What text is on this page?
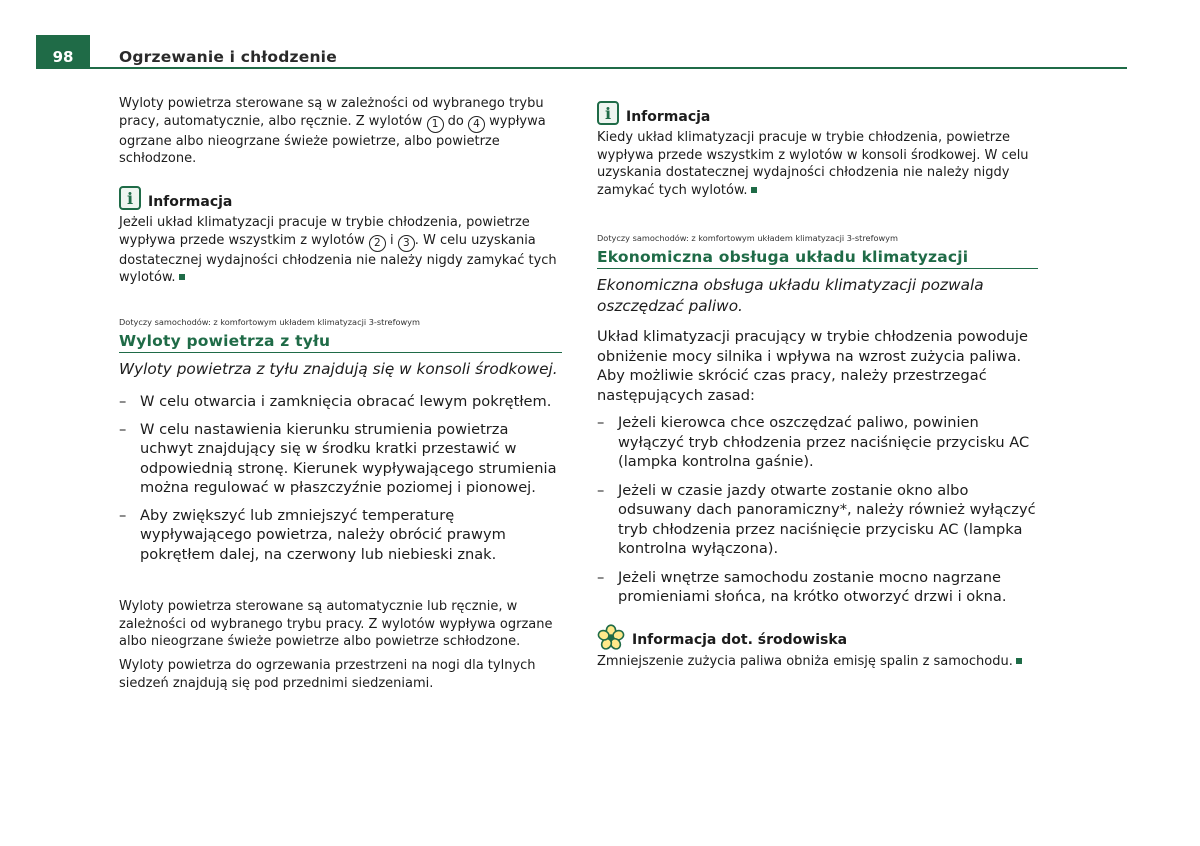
98	Ogrzewanie i chłodzenie

Wyloty powietrza sterowane są w zależności od wybranego trybu pracy, automatycznie, albo ręcznie. Z wylotów 1 do 4 wypływa ogrzane albo nieogrzane świeże powietrze, albo powietrze schłodzone.

i	Informacja

Jeżeli układ klimatyzacji pracuje w trybie chłodzenia, powietrze wypływa przede wszystkim z wylotów 2 i 3 . W celu uzyskania dostatecznej wydajności chłodzenia nie należy nigdy zamykać tych wylotów.

Dotyczy samochodów: z komfortowym układem klimatyzacji 3-strefowym

Wyloty powietrza z tyłu

Wyloty powietrza z tyłu znajdują się w konsoli środkowej.

– W celu otwarcia i zamknięcia obracać lewym pokrętłem.
– W celu nastawienia kierunku strumienia powietrza uchwyt znajdujący się w środku kratki przestawić w odpowiednią stronę. Kierunek wypływającego strumienia można regulować w płaszczyźnie poziomej i pionowej.
– Aby zwiększyć lub zmniejszyć temperaturę wypływającego powietrza, należy obrócić prawym pokrętłem dalej, na czerwony lub niebieski znak.

Wyloty powietrza sterowane są automatycznie lub ręcznie, w zależności od wybranego trybu pracy. Z wylotów wypływa ogrzane albo nieogrzane świeże powietrze albo powietrze schłodzone.

Wyloty powietrza do ogrzewania przestrzeni na nogi dla tylnych siedzeń znajdują się pod przednimi siedzeniami.

i	Informacja

Kiedy układ klimatyzacji pracuje w trybie chłodzenia, powietrze wypływa przede wszystkim z wylotów w konsoli środkowej. W celu uzyskania dostatecznej wydajności chłodzenia nie należy nigdy zamykać tych wylotów.

Dotyczy samochodów: z komfortowym układem klimatyzacji 3-strefowym

Ekonomiczna obsługa układu klimatyzacji

Ekonomiczna obsługa układu klimatyzacji pozwala oszczędzać paliwo.

Układ klimatyzacji pracujący w trybie chłodzenia powoduje obniżenie mocy silnika i wpływa na wzrost zużycia paliwa. Aby możliwie skrócić czas pracy, należy przestrzegać następujących zasad:

– Jeżeli kierowca chce oszczędzać paliwo, powinien wyłączyć tryb chłodzenia przez naciśnięcie przycisku AC (lampka kontrolna gaśnie).
– Jeżeli w czasie jazdy otwarte zostanie okno albo odsuwany dach panoramiczny*, należy również wyłączyć tryb chłodzenia przez naciśnięcie przycisku AC (lampka kontrolna wyłączona).
– Jeżeli wnętrze samochodu zostanie mocno nagrzane promieniami słońca, na krótko otworzyć drzwi i okna.
Informacja dot. środowiska

Zmniejszenie zużycia paliwa obniża emisję spalin z samochodu.
